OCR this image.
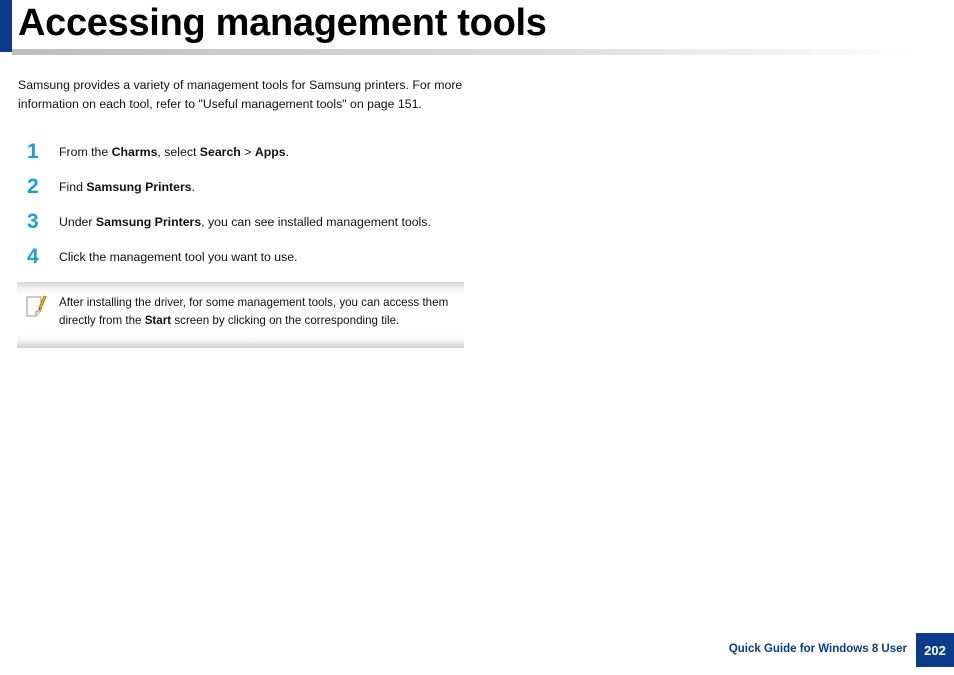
Accessing management tools

Samsung provides a variety of management tools for Samsung printers. For more information on each tool, refer to "Useful management tools" on page 151.

1	From the Charms, select Search > Apps.
2	Find Samsung Printers.
3	Under Samsung Printers, you can see installed management tools.
4	Click the management tool you want to use.

After installing the driver, for some management tools, you can access them directly from the Start screen by clicking on the corresponding tile.

Quick Guide for Windows 8 User	202
